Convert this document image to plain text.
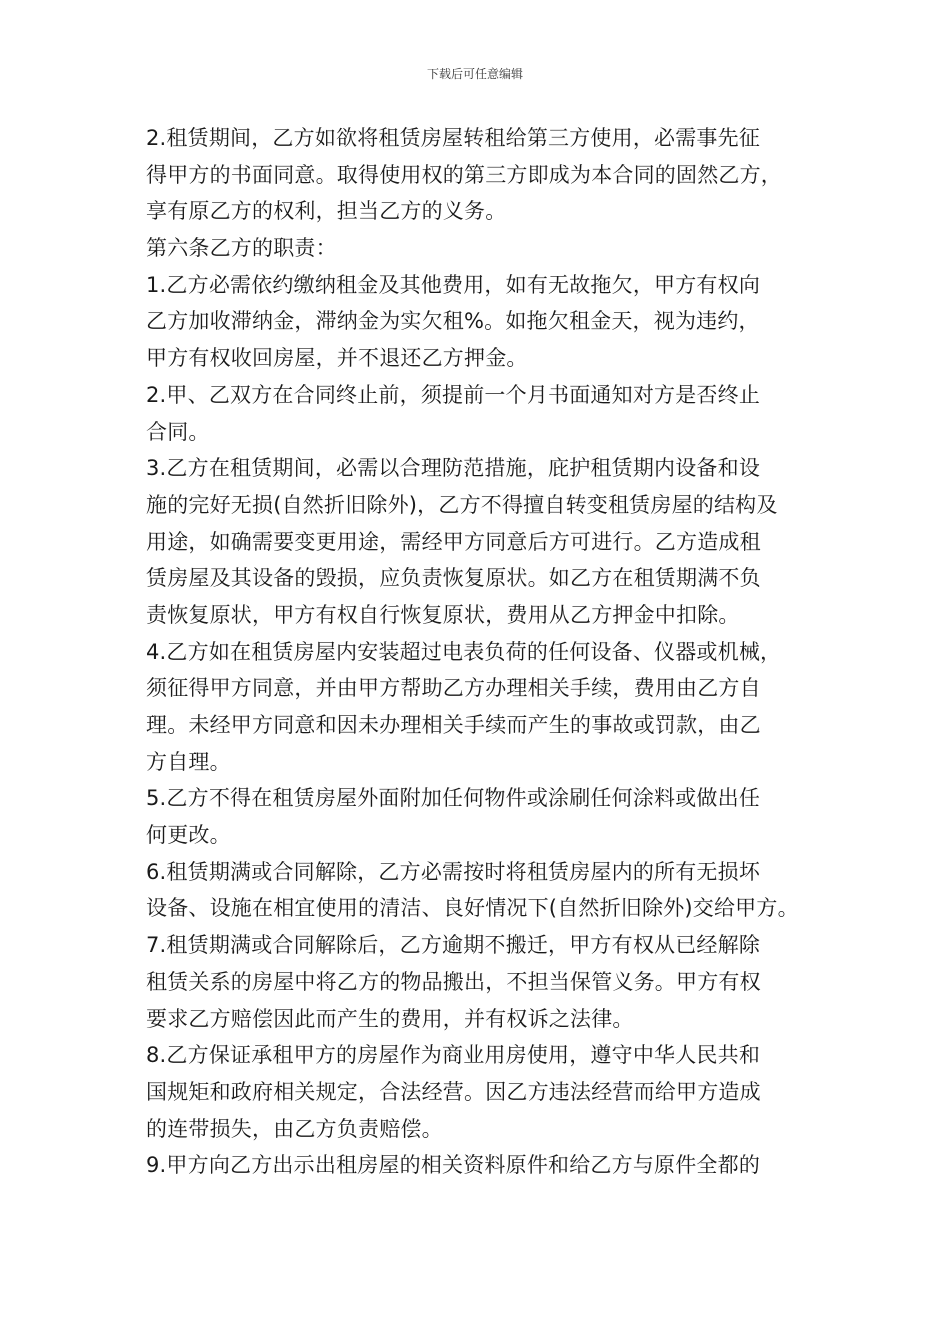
下载后可任意编辑
2.租赁期间，乙方如欲将租赁房屋转租给第三方使用，必需事先征
得甲方的书面同意。取得使用权的第三方即成为本合同的固然乙方，
享有原乙方的权利，担当乙方的义务。
第六条乙方的职责：
1.乙方必需依约缴纳租金及其他费用，如有无故拖欠，甲方有权向
乙方加收滞纳金，滞纳金为实欠租%。如拖欠租金天，视为违约，
甲方有权收回房屋，并不退还乙方押金。
2.甲、乙双方在合同终止前，须提前一个月书面通知对方是否终止
合同。
3.乙方在租赁期间，必需以合理防范措施，庇护租赁期内设备和设
施的完好无损(自然折旧除外)，乙方不得擅自转变租赁房屋的结构及
用途，如确需要变更用途，需经甲方同意后方可进行。乙方造成租
赁房屋及其设备的毁损，应负责恢复原状。如乙方在租赁期满不负
责恢复原状，甲方有权自行恢复原状，费用从乙方押金中扣除。
4.乙方如在租赁房屋内安装超过电表负荷的任何设备、仪器或机械，
须征得甲方同意，并由甲方帮助乙方办理相关手续，费用由乙方自
理。未经甲方同意和因未办理相关手续而产生的事故或罚款，由乙
方自理。
5.乙方不得在租赁房屋外面附加任何物件或涂刷任何涂料或做出任
何更改。
6.租赁期满或合同解除，乙方必需按时将租赁房屋内的所有无损坏
设备、设施在相宜使用的清洁、良好情况下(自然折旧除外)交给甲方。
7.租赁期满或合同解除后，乙方逾期不搬迁，甲方有权从已经解除
租赁关系的房屋中将乙方的物品搬出，不担当保管义务。甲方有权
要求乙方赔偿因此而产生的费用，并有权诉之法律。
8.乙方保证承租甲方的房屋作为商业用房使用，遵守中华人民共和
国规矩和政府相关规定，合法经营。因乙方违法经营而给甲方造成
的连带损失，由乙方负责赔偿。
9.甲方向乙方出示出租房屋的相关资料原件和给乙方与原件全都的
